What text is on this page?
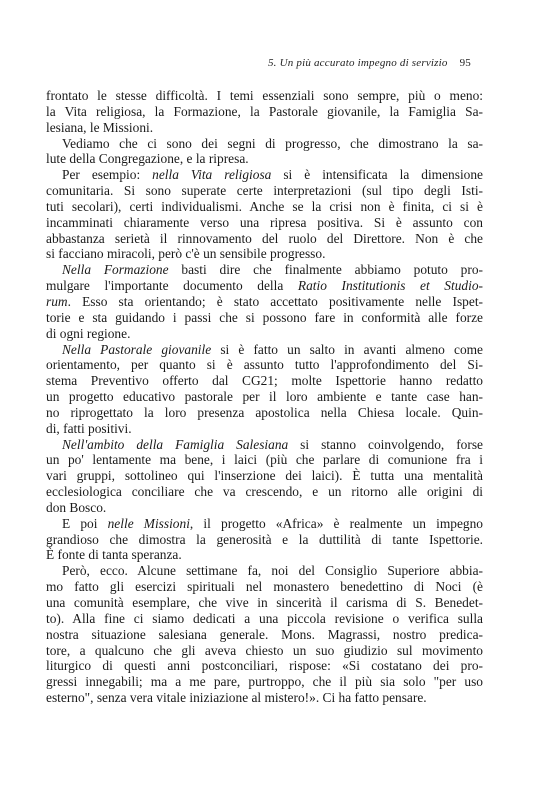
5. Un più accurato impegno di servizio 95
frontato le stesse difficoltà. I temi essenziali sono sempre, più o meno:
la Vita religiosa, la Formazione, la Pastorale giovanile, la Famiglia Sa-
lesiana, le Missioni.
Vediamo che ci sono dei segni di progresso, che dimostrano la sa-
lute della Congregazione, e la ripresa.
Per esempio: nella Vita religiosa si è intensificata la dimensione
comunitaria. Si sono superate certe interpretazioni (sul tipo degli Isti-
tuti secolari), certi individualismi. Anche se la crisi non è finita, ci si è
incamminati chiaramente verso una ripresa positiva. Si è assunto con
abbastanza serietà il rinnovamento del ruolo del Direttore. Non è che
si facciano miracoli, però c'è un sensibile progresso.
Nella Formazione basti dire che finalmente abbiamo potuto pro-
mulgare l'importante documento della Ratio Institutionis et Studio-
rum. Esso sta orientando; è stato accettato positivamente nelle Ispet-
torie e sta guidando i passi che si possono fare in conformità alle forze
di ogni regione.
Nella Pastorale giovanile si è fatto un salto in avanti almeno come
orientamento, per quanto si è assunto tutto l'approfondimento del Si-
stema Preventivo offerto dal CG21; molte Ispettorie hanno redatto
un progetto educativo pastorale per il loro ambiente e tante case han-
no riprogettato la loro presenza apostolica nella Chiesa locale. Quin-
di, fatti positivi.
Nell'ambito della Famiglia Salesiana si stanno coinvolgendo, forse
un po' lentamente ma bene, i laici (più che parlare di comunione fra i
vari gruppi, sottolineo qui l'inserzione dei laici). È tutta una mentalità
ecclesiologica conciliare che va crescendo, e un ritorno alle origini di
don Bosco.
E poi nelle Missioni, il progetto «Africa» è realmente un impegno
grandioso che dimostra la generosità e la duttilità di tante Ispettorie.
È fonte di tanta speranza.
Però, ecco. Alcune settimane fa, noi del Consiglio Superiore abbia-
mo fatto gli esercizi spirituali nel monastero benedettino di Noci (è
una comunità esemplare, che vive in sincerità il carisma di S. Benedet-
to). Alla fine ci siamo dedicati a una piccola revisione o verifica sulla
nostra situazione salesiana generale. Mons. Magrassi, nostro predica-
tore, a qualcuno che gli aveva chiesto un suo giudizio sul movimento
liturgico di questi anni postconciliari, rispose: «Si costatano dei pro-
gressi innegabili; ma a me pare, purtroppo, che il più sia solo "per uso
esterno", senza vera vitale iniziazione al mistero!». Ci ha fatto pensare.
